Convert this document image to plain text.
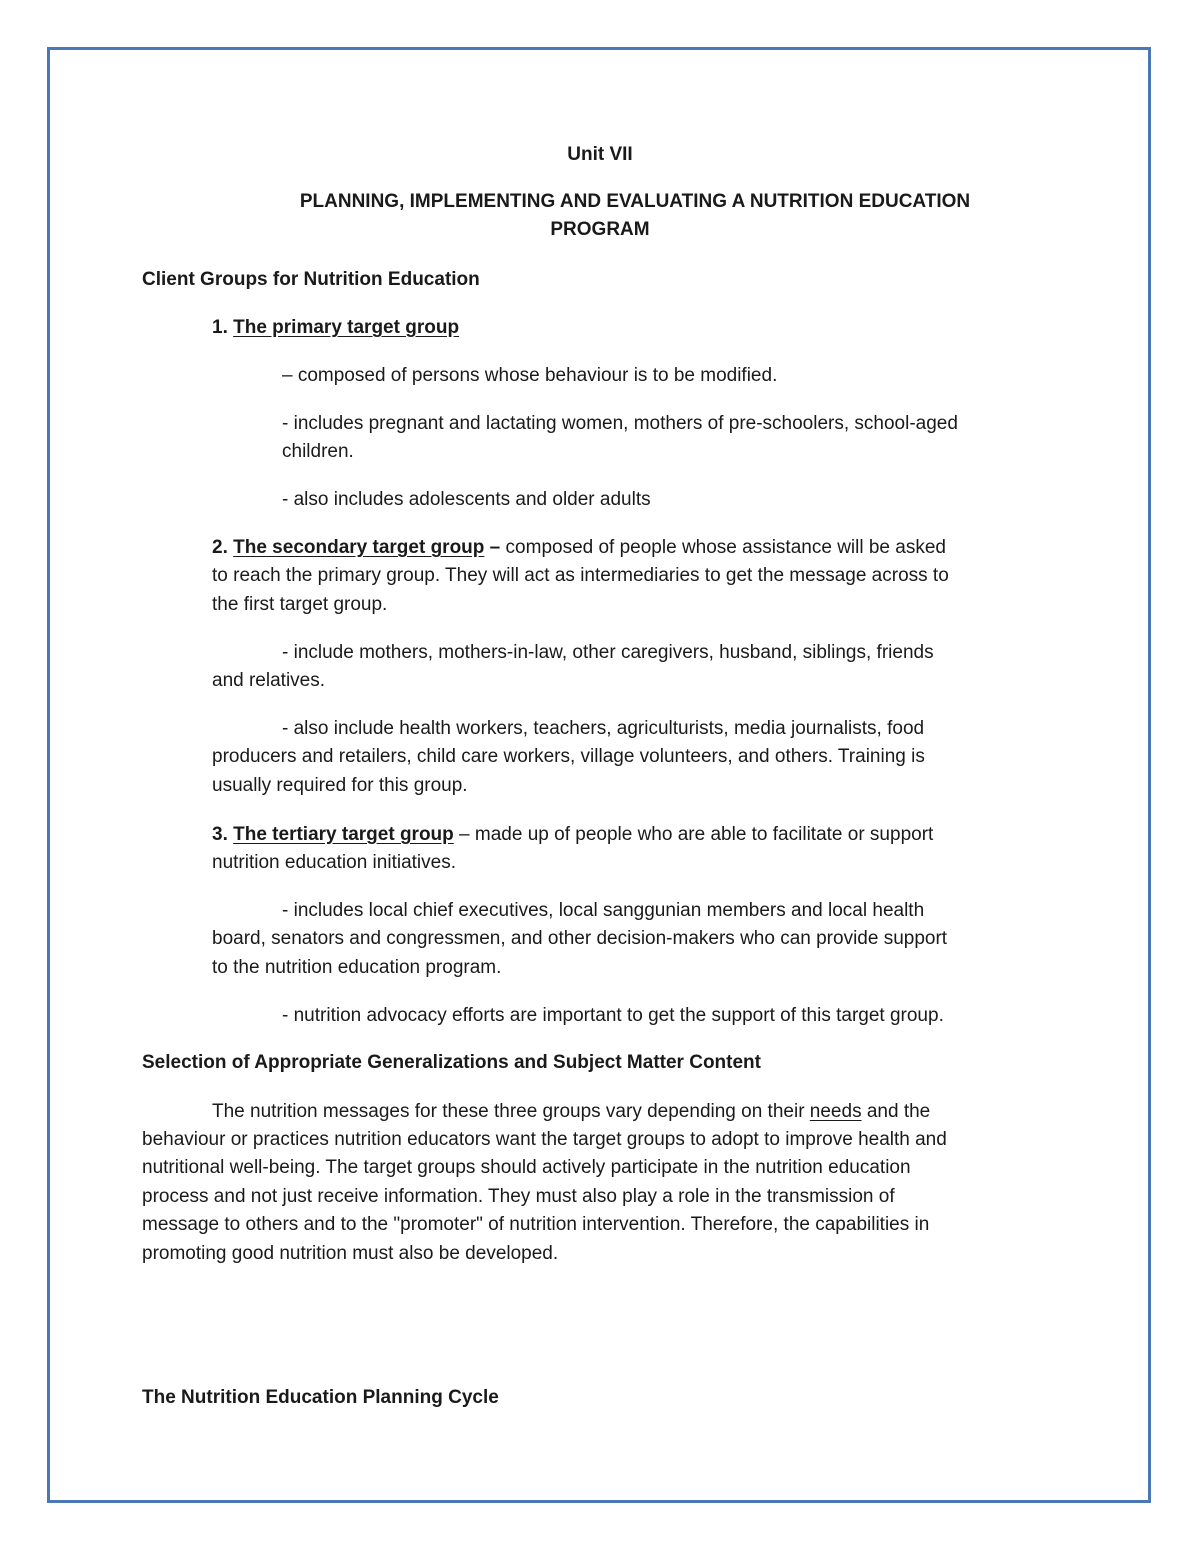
Unit VII

PLANNING, IMPLEMENTING AND EVALUATING A NUTRITION EDUCATION

PROGRAM

Client Groups for Nutrition Education

1. The primary target group

– composed of persons whose behaviour is to be modified.

- includes pregnant and lactating women, mothers of pre-schoolers, school-aged

children.

- also includes adolescents and older adults

2. The secondary target group – composed of people whose assistance will be asked

to reach the primary group. They will act as intermediaries to get the message across to

the first target group.

- include mothers, mothers-in-law, other caregivers, husband, siblings, friends

and relatives.

- also include health workers, teachers, agriculturists, media journalists, food

producers and retailers, child care workers, village volunteers, and others. Training is

usually required for this group.

3. The tertiary target group – made up of people who are able to facilitate or support

nutrition education initiatives.

- includes local chief executives, local sanggunian members and local health

board, senators and congressmen, and other decision-makers who can provide support

to the nutrition education program.

- nutrition advocacy efforts are important to get the support of this target group.

Selection of Appropriate Generalizations and Subject Matter Content

The nutrition messages for these three groups vary depending on their needs and the

behaviour or practices nutrition educators want the target groups to adopt to improve health and

nutritional well-being. The target groups should actively participate in the nutrition education

process and not just receive information. They must also play a role in the transmission of

message to others and to the "promoter" of nutrition intervention. Therefore, the capabilities in

promoting good nutrition must also be developed.

The Nutrition Education Planning Cycle
